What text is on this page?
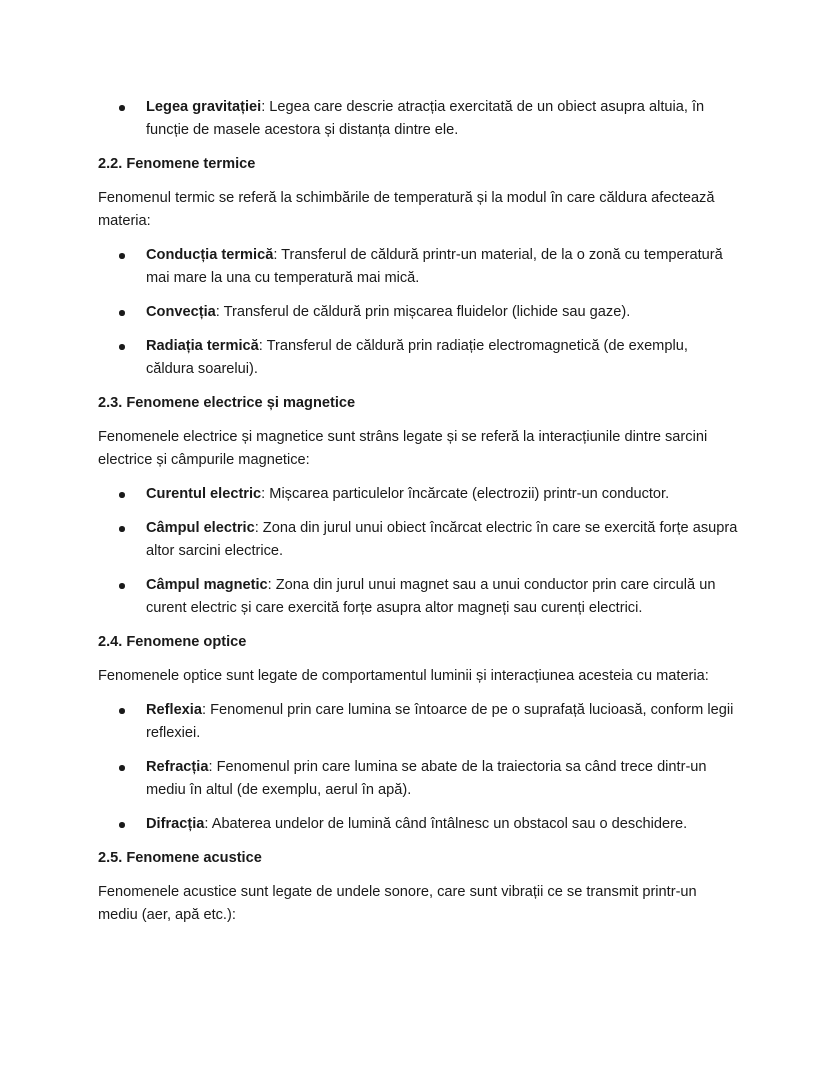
Legea gravitației: Legea care descrie atracția exercitată de un obiect asupra altuia, în funcție de masele acestora și distanța dintre ele.

2.2. Fenomene termice

Fenomenul termic se referă la schimbările de temperatură și la modul în care căldura afectează materia:

Conducția termică: Transferul de căldură printr-un material, de la o zonă cu temperatură mai mare la una cu temperatură mai mică.

Convecția: Transferul de căldură prin mișcarea fluidelor (lichide sau gaze).

Radiația termică: Transferul de căldură prin radiație electromagnetică (de exemplu, căldura soarelui).

2.3. Fenomene electrice și magnetice

Fenomenele electrice și magnetice sunt strâns legate și se referă la interacțiunile dintre sarcini electrice și câmpurile magnetice:

Curentul electric: Mișcarea particulelor încărcate (electrozii) printr-un conductor.

Câmpul electric: Zona din jurul unui obiect încărcat electric în care se exercită forțe asupra altor sarcini electrice.

Câmpul magnetic: Zona din jurul unui magnet sau a unui conductor prin care circulă un curent electric și care exercită forțe asupra altor magneți sau curenți electrici.

2.4. Fenomene optice

Fenomenele optice sunt legate de comportamentul luminii și interacțiunea acesteia cu materia:

Reflexia: Fenomenul prin care lumina se întoarce de pe o suprafață lucioasă, conform legii reflexiei.

Refracția: Fenomenul prin care lumina se abate de la traiectoria sa când trece dintr-un mediu în altul (de exemplu, aerul în apă).

Difracția: Abaterea undelor de lumină când întâlnesc un obstacol sau o deschidere.

2.5. Fenomene acustice

Fenomenele acustice sunt legate de undele sonore, care sunt vibrații ce se transmit printr-un mediu (aer, apă etc.):
